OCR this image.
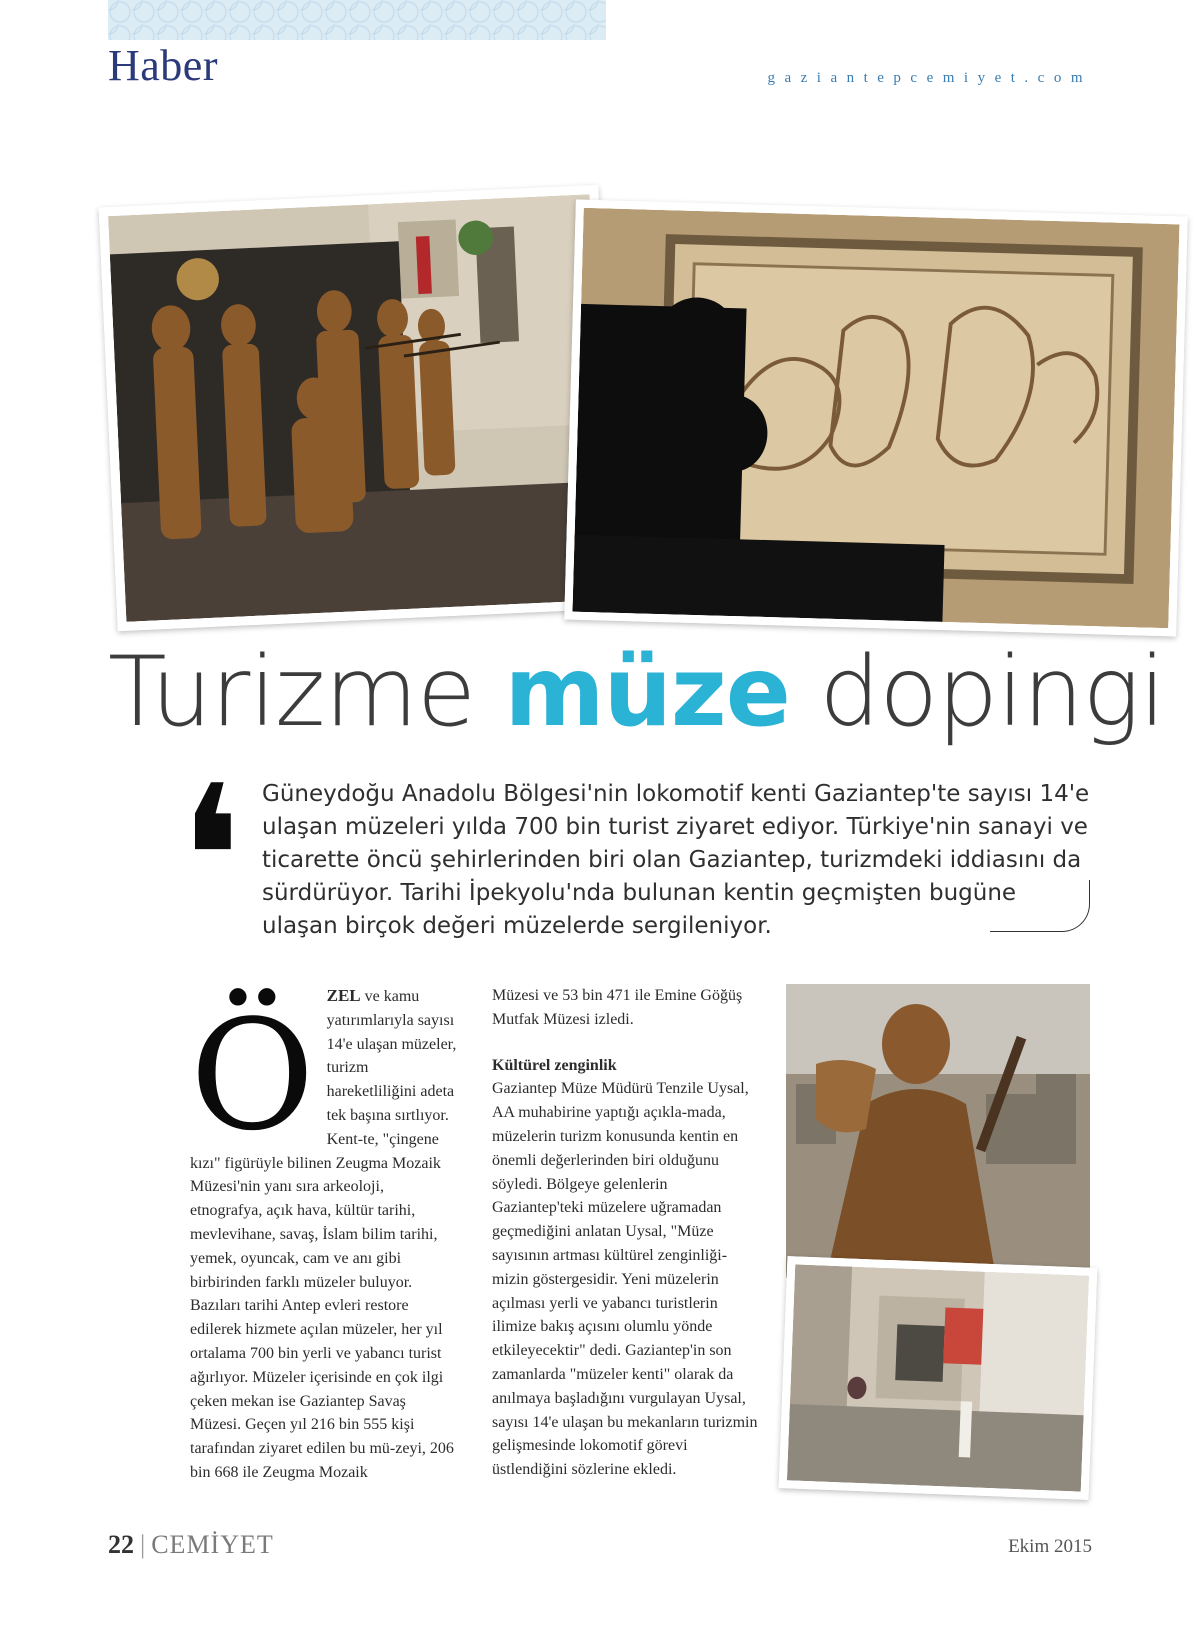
Haber	gaziantepcemiyet.com
Turizme müze dopingi
❛ Güneydoğu Anadolu Bölgesi'nin lokomotif kenti Gaziantep'te sayısı 14'e ulaşan müzeleri yılda 700 bin turist ziyaret ediyor. Türkiye'nin sanayi ve ticarette öncü şehirlerinden biri olan Gaziantep, turizmdeki iddiasını da sürdürüyor. Tarihi İpekyolu'nda bulunan kentin geçmişten bugüne ulaşan birçok değeri müzelerde sergileniyor.

ÖZEL ve kamu yatırımlarıyla sayısı 14'e ulaşan müzeler, turizm hareketliliğini adeta tek başına sırtlıyor. Kent-te, "çingene kızı" figürüyle bilinen Zeugma Mozaik Müzesi'nin yanı sıra arkeoloji, etnografya, açık hava, kültür tarihi, mevlevihane, savaş, İslam bilim tarihi, yemek, oyuncak, cam ve anı gibi birbirinden farklı müzeler buluyor. Bazıları tarihi Antep evleri restore edilerek hizmete açılan müzeler, her yıl ortalama 700 bin yerli ve yabancı turist ağırlıyor. Müzeler içerisinde en çok ilgi çeken mekan ise Gaziantep Savaş Müzesi. Geçen yıl 216 bin 555 kişi tarafından ziyaret edilen bu mü-zeyi, 206 bin 668 ile Zeugma Mozaik
Müzesi ve 53 bin 471 ile Emine Göğüş Mutfak Müzesi izledi.
Kültürel zenginlik
Gaziantep Müze Müdürü Tenzile Uysal, AA muhabirine yaptığı açıkla-mada, müzelerin turizm konusunda kentin en önemli değerlerinden biri olduğunu söyledi. Bölgeye gelenlerin Gaziantep'teki müzelere uğramadan geçmediğini anlatan Uysal, "Müze sayısının artması kültürel zenginliği-mizin göstergesidir. Yeni müzelerin açılması yerli ve yabancı turistlerin ilimize bakış açısını olumlu yönde etkileyecektir" dedi. Gaziantep'in son zamanlarda "müzeler kenti" olarak da anılmaya başladığını vurgulayan Uysal, sayısı 14'e ulaşan bu mekanların turizmin gelişmesinde lokomotif görevi üstlendiğini sözlerine ekledi.
22 | CEMİYET	Ekim 2015
